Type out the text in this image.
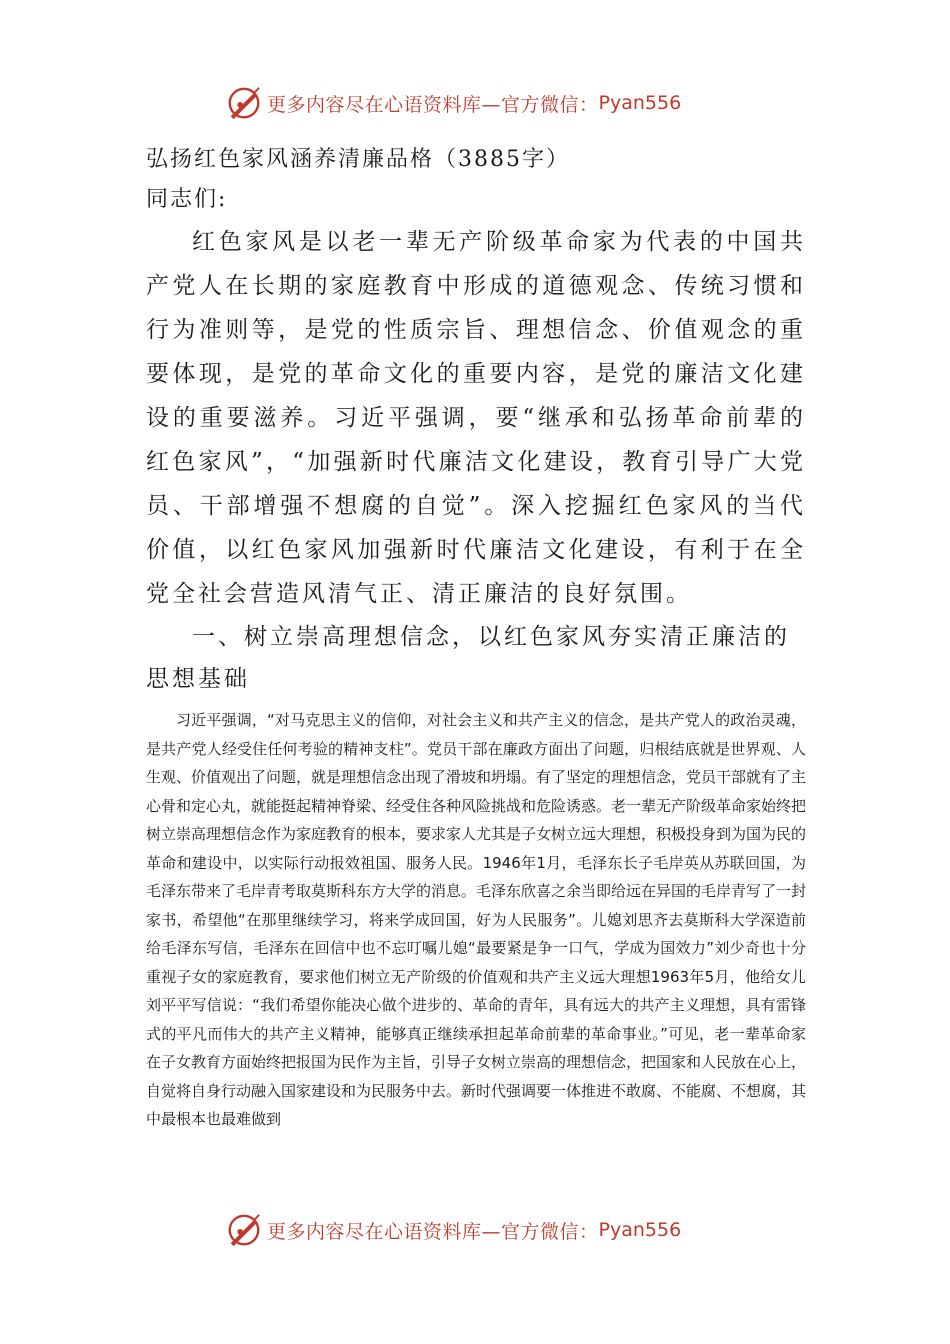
更多内容尽在心语资料库—官方微信： Pyan556
弘扬红色家风涵养清廉品格（3885字）

同志们:

红色家风是以老一辈无产阶级革命家为代表的中国共产党人在长期的家庭教育中形成的道德观念、传统习惯和行为准则等，是党的性质宗旨、理想信念、价值观念的重要体现，是党的革命文化的重要内容，是党的廉洁文化建设的重要滋养。习近平强调，要“继承和弘扬革命前辈的红色家风”，“加强新时代廉洁文化建设，教育引导广大党员、干部增强不想腐的自觉”。深入挖掘红色家风的当代价值，以红色家风加强新时代廉洁文化建设，有利于在全党全社会营造风清气正、清正廉洁的良好氛围。

一、树立崇高理想信念，以红色家风夯实清正廉洁的思想基础

习近平强调，“对马克思主义的信仰，对社会主义和共产主义的信念，是共产党人的政治灵魂，是共产党人经受住任何考验的精神支柱”。党员干部在廉政方面出了问题，归根结底就是世界观、人生观、价值观出了问题，就是理想信念出现了滑坡和坍塌。有了坚定的理想信念，党员干部就有了主心骨和定心丸，就能挺起精神脊梁、经受住各种风险挑战和危险诱惑。老一辈无产阶级革命家始终把树立崇高理想信念作为家庭教育的根本，要求家人尤其是子女树立远大理想，积极投身到为国为民的革命和建设中，以实际行动报效祖国、服务人民。1946年1月，毛泽东长子毛岸英从苏联回国，为毛泽东带来了毛岸青考取莫斯科东方大学的消息。毛泽东欣喜之余当即给远在异国的毛岸青写了一封家书，希望他“在那里继续学习，将来学成回国，好为人民服务”。儿媳刘思齐去莫斯科大学深造前给毛泽东写信，毛泽东在回信中也不忘叮嘱儿媳“最要紧是争一口气，学成为国效力”刘少奇也十分重视子女的家庭教育，要求他们树立无产阶级的价值观和共产主义远大理想1963年5月，他给女儿刘平平写信说：“我们希望你能决心做个进步的、革命的青年，具有远大的共产主义理想，具有雷锋式的平凡而伟大的共产主义精神，能够真正继续承担起革命前辈的革命事业。”可见，老一辈革命家在子女教育方面始终把报国为民作为主旨，引导子女树立崇高的理想信念，把国家和人民放在心上，自觉将自身行动融入国家建设和为民服务中去。新时代强调要一体推进不敢腐、不能腐、不想腐，其中最根本也最难做到

更多内容尽在心语资料库—官方微信： Pyan556
